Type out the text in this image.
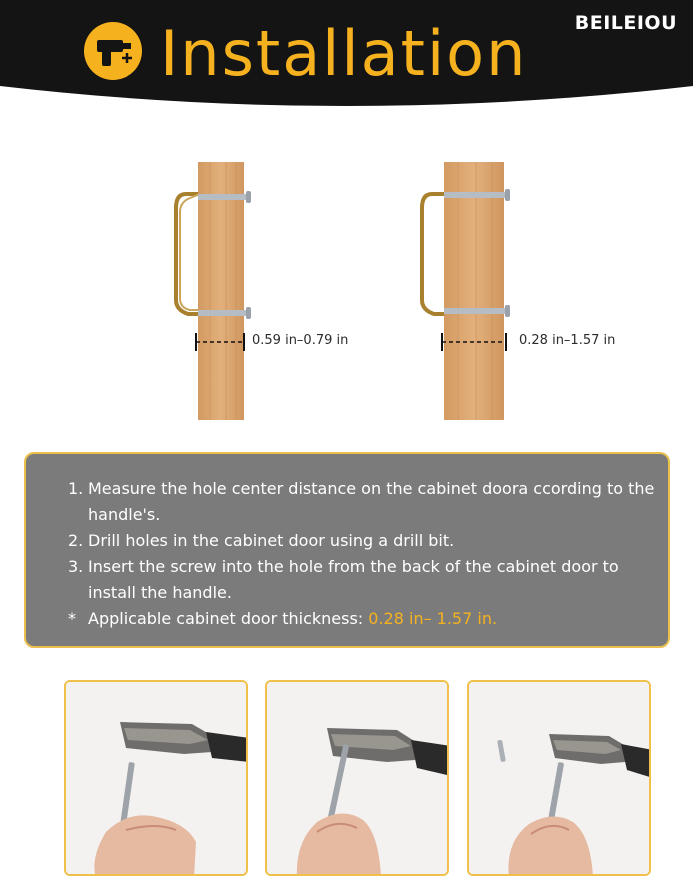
Installation BEILEIOU
0.59 in–0.79 in	0.28 in–1.57 in
1. Measure the hole center distance on the cabinet doora ccording to the handle's.
2. Drill holes in the cabinet door using a drill bit.
3. Insert the screw into the hole from the back of the cabinet door to install the handle.
* Applicable cabinet door thickness: 0.28 in– 1.57 in.
